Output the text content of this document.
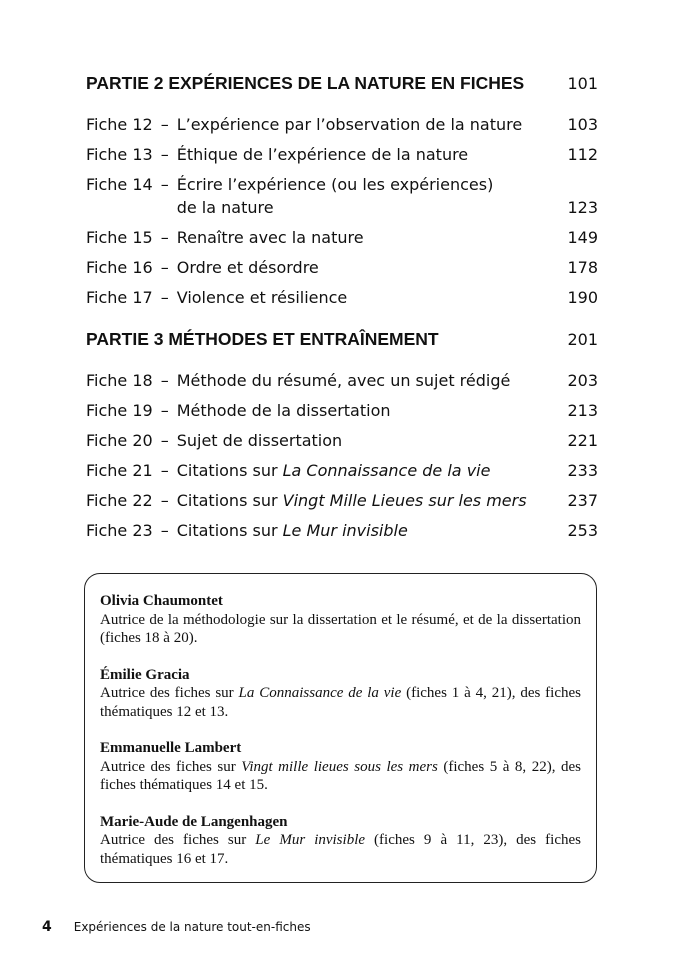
PARTIE 2 EXPÉRIENCES DE LA NATURE EN FICHES	101
Fiche 12 – L’expérience par l’observation de la nature	103
Fiche 13 – Éthique de l’expérience de la nature	112
Fiche 14 – Écrire l’expérience (ou les expériences)
de la nature	123
Fiche 15 – Renaître avec la nature	149
Fiche 16 – Ordre et désordre	178
Fiche 17 – Violence et résilience	190
PARTIE 3 MÉTHODES ET ENTRAÎNEMENT	201
Fiche 18 – Méthode du résumé, avec un sujet rédigé	203
Fiche 19 – Méthode de la dissertation	213
Fiche 20 – Sujet de dissertation	221
Fiche 21 – Citations sur La Connaissance de la vie	233
Fiche 22 – Citations sur Vingt Mille Lieues sur les mers	237
Fiche 23 – Citations sur Le Mur invisible	253
Olivia Chaumontet
Autrice de la méthodologie sur la dissertation et le résumé, et de la dissertation (fiches 18 à 20).
Émilie Gracia
Autrice des fiches sur La Connaissance de la vie (fiches 1 à 4, 21), des fiches thématiques 12 et 13.
Emmanuelle Lambert
Autrice des fiches sur Vingt mille lieues sous les mers (fiches 5 à 8, 22), des fiches thématiques 14 et 15.
Marie-Aude de Langenhagen
Autrice des fiches sur Le Mur invisible (fiches 9 à 11, 23), des fiches thématiques 16 et 17.
4 Expériences de la nature tout-en-fiches
